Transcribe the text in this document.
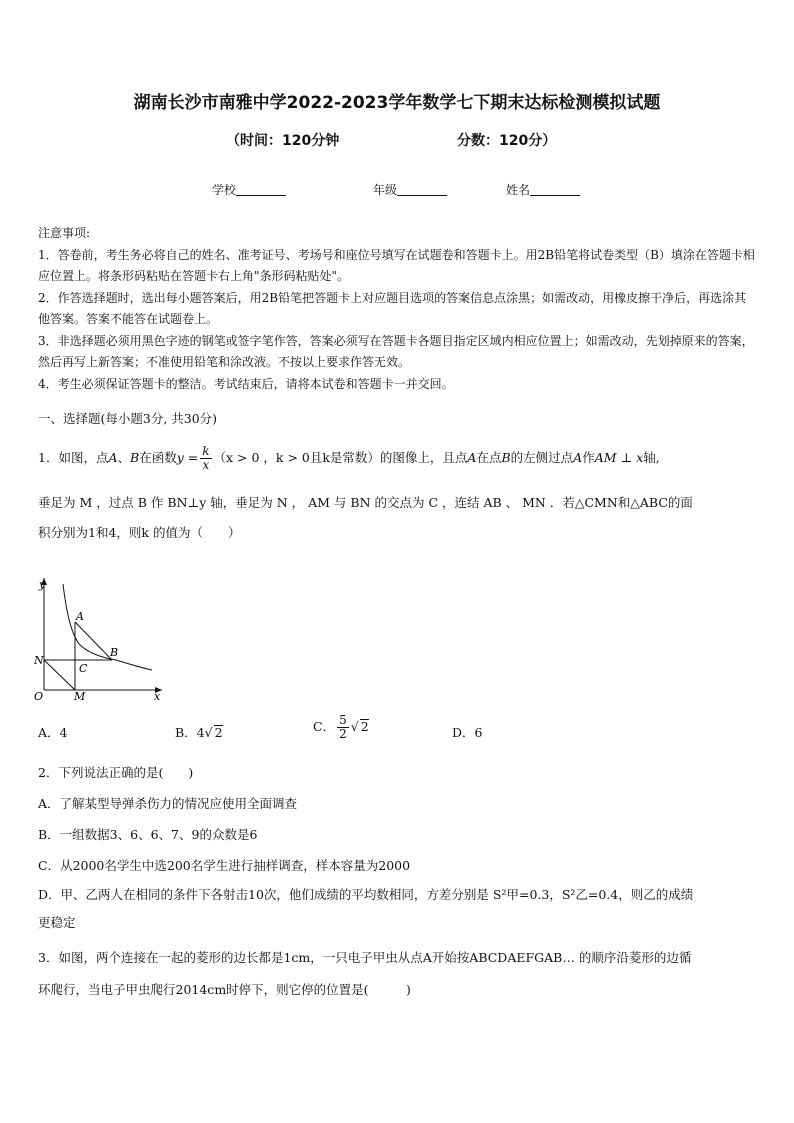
湖南长沙市南雅中学2022-2023学年数学七下期末达标检测模拟试题
（时间：120分钟	分数：120分）
学校	年级	姓名

注意事项:

1．答卷前，考生务必将自己的姓名、准考证号、考场号和座位号填写在试题卷和答题卡上。用2B铅笔将试卷类型（B）填涂在答题卡相应位置上。将条形码粘贴在答题卡右上角"条形码粘贴处"。

2．作答选择题时，选出每小题答案后，用2B铅笔把答题卡上对应题目选项的答案信息点涂黑；如需改动，用橡皮擦干净后，再选涂其他答案。答案不能答在试题卷上。

3．非选择题必须用黑色字迹的钢笔或签字笔作答，答案必须写在答题卡各题目指定区域内相应位置上；如需改动，先划掉原来的答案，然后再写上新答案；不准使用铅笔和涂改液。不按以上要求作答无效。

4．考生必须保证答题卡的整洁。考试结束后，请将本试卷和答题卡一并交回。

一、选择题(每小题3分, 共30分)

1．如图，点A、B在函数$y = \frac{k}{x} (x > 0$ ，k > 0且k是常数）的图像上，且点A在点B的左侧过点A作AM ⊥ x轴,

垂足为 M ，过点 B 作 BN⊥y 轴，垂足为 N ， AM 与 BN 的交点为 C ，连结 AB 、 MN ．若△CMN和△ABC的面

积分别为1和4，则k 的值为（　　）

y
x
O
A
B
C
N
M
A．4	B．4√ 2	C． $\frac{5}{2}$ √ 2	D．6

2．下列说法正确的是(　　)

A．了解某型导弹杀伤力的情况应使用全面调查

B．一组数据3、6、6、7、9的众数是6

C．从2000名学生中选200名学生进行抽样调查，样本容量为2000

D．甲、乙两人在相同的条件下各射击10次，他们成绩的平均数相同，方差分别是 S²甲=0.3，S²乙=0.4，则乙的成绩
更稳定

3．如图，两个连接在一起的菱形的边长都是1cm，一只电子甲虫从点A开始按ABCDAEFGAB… 的顺序沿菱形的边循

环爬行，当电子甲虫爬行2014cm时停下，则它停的位置是(　　　)
